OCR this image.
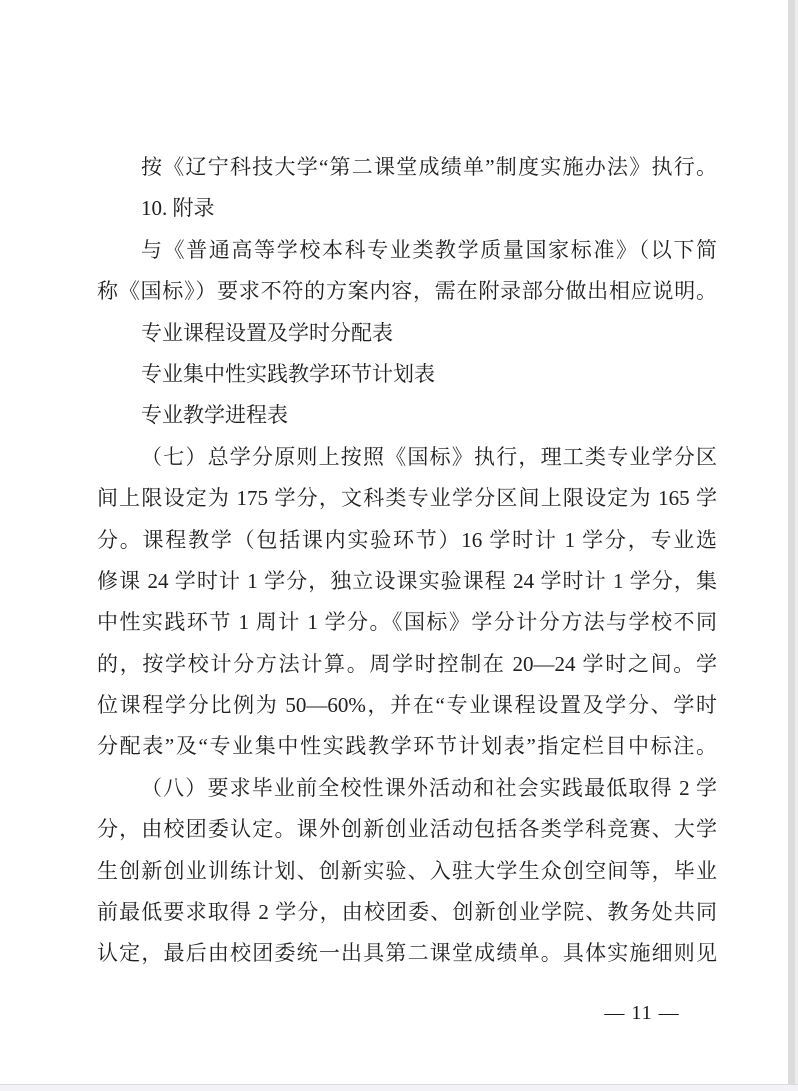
按《辽宁科技大学“第二课堂成绩单”制度实施办法》执行。
10. 附录
与《普通高等学校本科专业类教学质量国家标准》（以下简
称《国标》）要求不符的方案内容，需在附录部分做出相应说明。
专业课程设置及学时分配表
专业集中性实践教学环节计划表
专业教学进程表
（七）总学分原则上按照《国标》执行，理工类专业学分区
间上限设定为 175 学分，文科类专业学分区间上限设定为 165 学
分。课程教学（包括课内实验环节）16 学时计 1 学分，专业选
修课 24 学时计 1 学分，独立设课实验课程 24 学时计 1 学分，集
中性实践环节 1 周计 1 学分。《国标》学分计分方法与学校不同
的，按学校计分方法计算。周学时控制在 20—24 学时之间。学
位课程学分比例为 50—60%，并在“专业课程设置及学分、学时
分配表”及“专业集中性实践教学环节计划表”指定栏目中标注。
（八）要求毕业前全校性课外活动和社会实践最低取得 2 学
分，由校团委认定。课外创新创业活动包括各类学科竞赛、大学
生创新创业训练计划、创新实验、入驻大学生众创空间等，毕业
前最低要求取得 2 学分，由校团委、创新创业学院、教务处共同
认定，最后由校团委统一出具第二课堂成绩单。具体实施细则见
— 11 —
